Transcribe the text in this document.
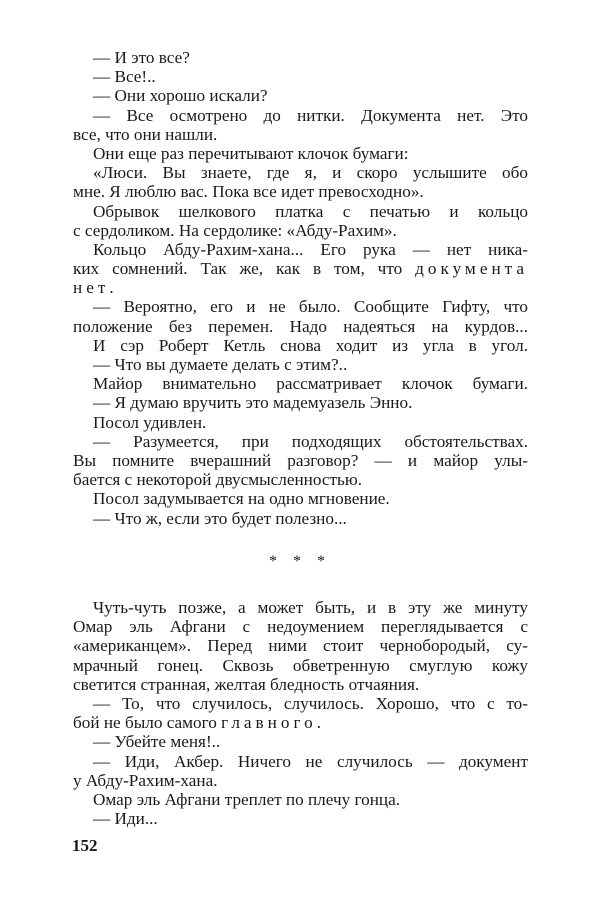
— И это все?
— Все!..
— Они хорошо искали?
— Все осмотрено до нитки. Документа нет. Это
все, что они нашли.
Они еще раз перечитывают клочок бумаги:
«Люси. Вы знаете, где я, и скоро услышите обо
мне. Я люблю вас. Пока все идет превосходно».
Обрывок шелкового платка с печатью и кольцо
с сердоликом. На сердолике: «Абду-Рахим».
Кольцо Абду-Рахим-хана... Его рука — нет ника-
ких сомнений. Так же, как в том, что документа
нет.
— Вероятно, его и не было. Сообщите Гифту, что
положение без перемен. Надо надеяться на курдов...
И сэр Роберт Кетль снова ходит из угла в угол.
— Что вы думаете делать с этим?..
Майор внимательно рассматривает клочок бумаги.
— Я думаю вручить это мадемуазель Энно.
Посол удивлен.
— Разумеется, при подходящих обстоятельствах.
Вы помните вчерашний разговор? — и майор улы-
бается с некоторой двусмысленностью.
Посол задумывается на одно мгновение.
— Что ж, если это будет полезно...
* * *
Чуть-чуть позже, а может быть, и в эту же минуту
Омар эль Афгани с недоумением переглядывается с
«американцем». Перед ними стоит чернобородый, су-
мрачный гонец. Сквозь обветренную смуглую кожу
светится странная, желтая бледность отчаяния.
— То, что случилось, случилось. Хорошо, что с то-
бой не было самого главного.
— Убейте меня!..
— Иди, Акбер. Ничего не случилось — документ
у Абду-Рахим-хана.
Омар эль Афгани треплет по плечу гонца.
— Иди...
152
